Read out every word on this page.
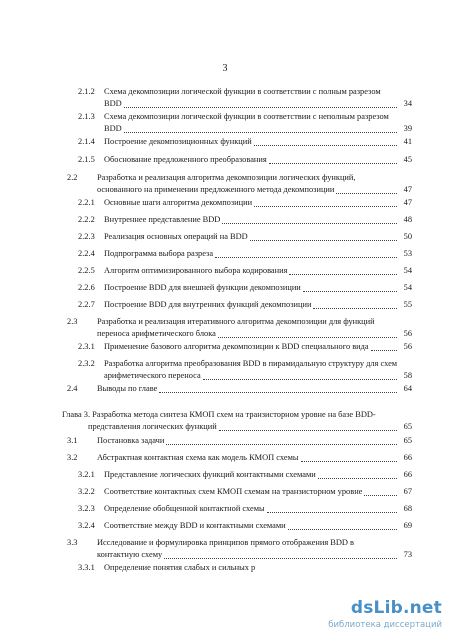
3
2.1.2 Схема декомпозиции логической функции в соответствии с полным разрезом
BDD	34
2.1.3 Схема декомпозиции логической функции в соответствии с неполным разрезом
BDD	39
2.1.4 Построение декомпозиционных функций	41
2.1.5 Обоснование предложенного преобразования	45
2.2 Разработка и реализация алгоритма декомпозиции логических функций,
основанного на применении предложенного метода декомпозиции	47
2.2.1 Основные шаги алгоритма декомпозиции	47
2.2.2 Внутреннее представление BDD	48
2.2.3 Реализация основных операций на BDD	50
2.2.4 Подпрограмма выбора разреза	53
2.2.5 Алгоритм оптимизированного выбора кодирования	54
2.2.6 Построение BDD для внешней функции декомпозиции	54
2.2.7 Построение BDD для внутренних функций декомпозиции	55
2.3 Разработка и реализация итеративного алгоритма декомпозиции для функций
переноса арифметического блока	56
2.3.1 Применение базового алгоритма декомпозиции к BDD специального вида	56
2.3.2 Разработка алгоритма преобразования BDD в пирамидальную структуру для схем
арифметического переноса	58
2.4 Выводы по главе	64
Глава 3. Разработка метода синтеза КМОП схем на транзисторном уровне на базе BDD-
представления логических функций	65
3.1 Постановка задачи	65
3.2 Абстрактная контактная схема как модель КМОП схемы	66
3.2.1 Представление логических функций контактными схемами	66
3.2.2 Соответствие контактных схем КМОП схемам на транзисторном уровне	67
3.2.3 Определение обобщенной контактной схемы	68
3.2.4 Соответствие между BDD и контактными схемами	69
3.3 Исследование и формулировка принципов прямого отображения BDD в
контактную схему	73
3.3.1 Определение понятия слабых и сильных р
dsLib.net
библиотека диссертаций
